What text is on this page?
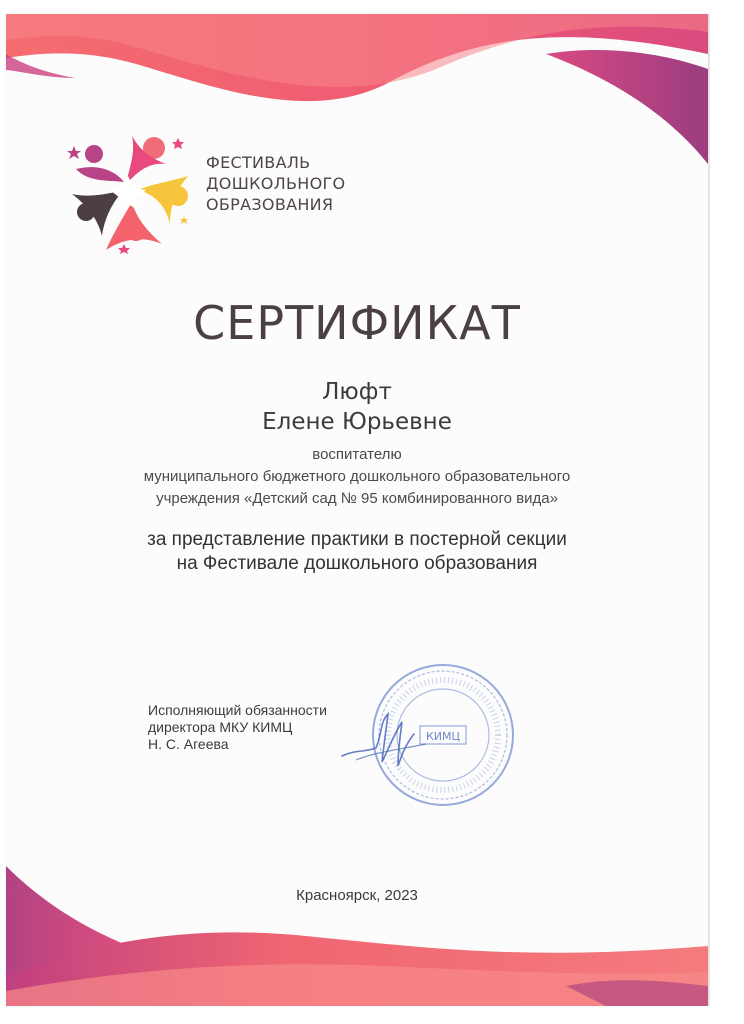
ФЕСТИВАЛЬ
ДОШКОЛЬНОГО
ОБРАЗОВАНИЯ
СЕРТИФИКАТ
Люфт
Елене Юрьевне
воспитателю
муниципального бюджетного дошкольного образовательного
учреждения «Детский сад № 95 комбинированного вида»
за представление практики в постерной секции
на Фестивале дошкольного образования
Исполняющий обязанности
директора МКУ КИМЦ
Н. С. Агеева	КИМЦ
Красноярск, 2023
